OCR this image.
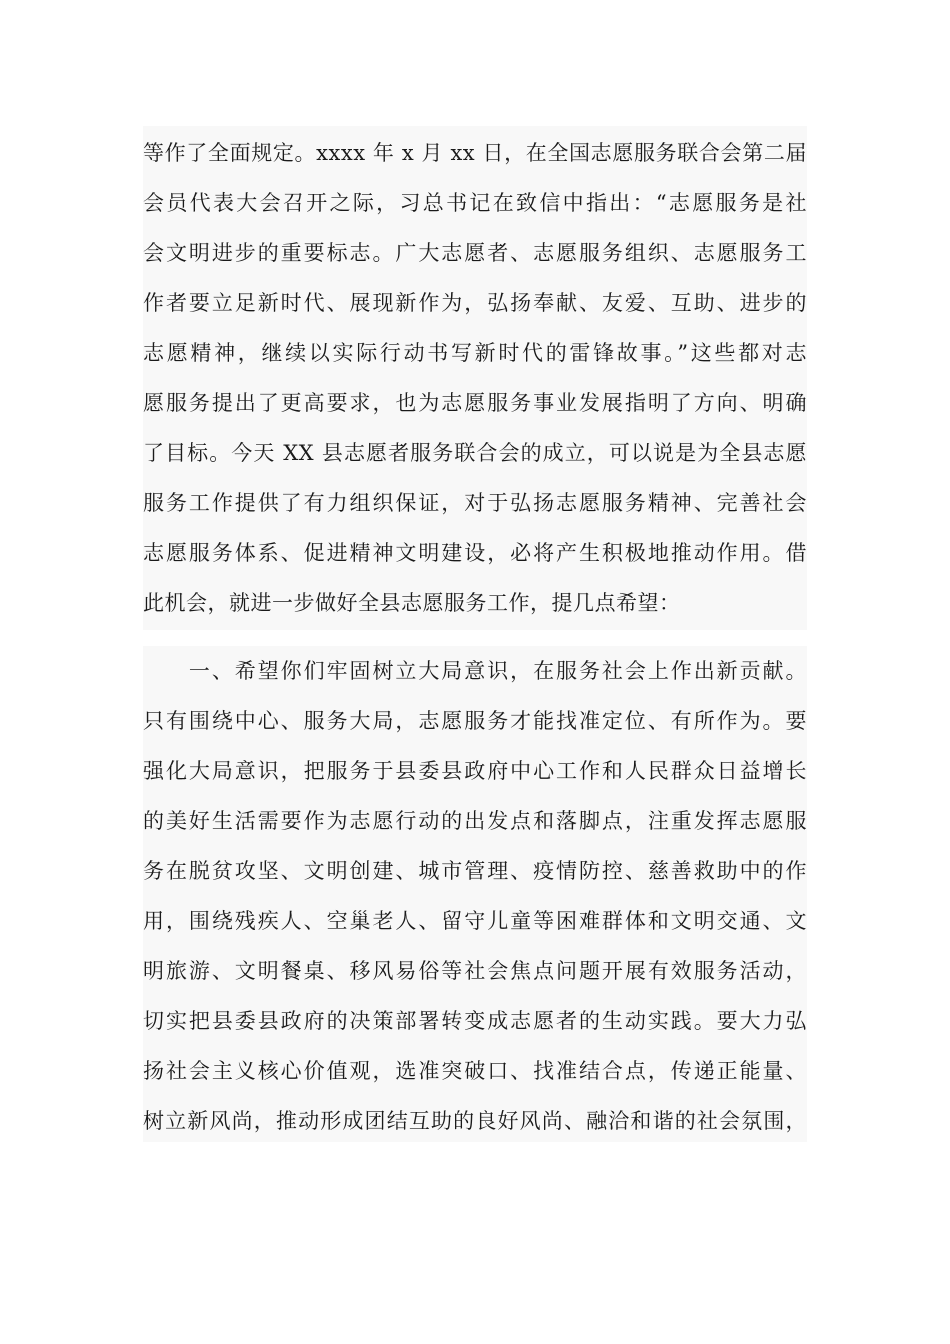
等作了全面规定。xxxx 年 x 月 xx 日，在全国志愿服务联合会第二届
会员代表大会召开之际，习总书记在致信中指出：“志愿服务是社
会文明进步的重要标志。广大志愿者、志愿服务组织、志愿服务工
作者要立足新时代、展现新作为，弘扬奉献、友爱、互助、进步的
志愿精神，继续以实际行动书写新时代的雷锋故事。”这些都对志
愿服务提出了更高要求，也为志愿服务事业发展指明了方向、明确
了目标。今天 XX 县志愿者服务联合会的成立，可以说是为全县志愿
服务工作提供了有力组织保证，对于弘扬志愿服务精神、完善社会
志愿服务体系、促进精神文明建设，必将产生积极地推动作用。借
此机会，就进一步做好全县志愿服务工作，提几点希望：
　　一、希望你们牢固树立大局意识，在服务社会上作出新贡献。
只有围绕中心、服务大局，志愿服务才能找准定位、有所作为。要
强化大局意识，把服务于县委县政府中心工作和人民群众日益增长
的美好生活需要作为志愿行动的出发点和落脚点，注重发挥志愿服
务在脱贫攻坚、文明创建、城市管理、疫情防控、慈善救助中的作
用，围绕残疾人、空巢老人、留守儿童等困难群体和文明交通、文
明旅游、文明餐桌、移风易俗等社会焦点问题开展有效服务活动，
切实把县委县政府的决策部署转变成志愿者的生动实践。要大力弘
扬社会主义核心价值观，选准突破口、找准结合点，传递正能量、
树立新风尚，推动形成团结互助的良好风尚、融洽和谐的社会氛围，
